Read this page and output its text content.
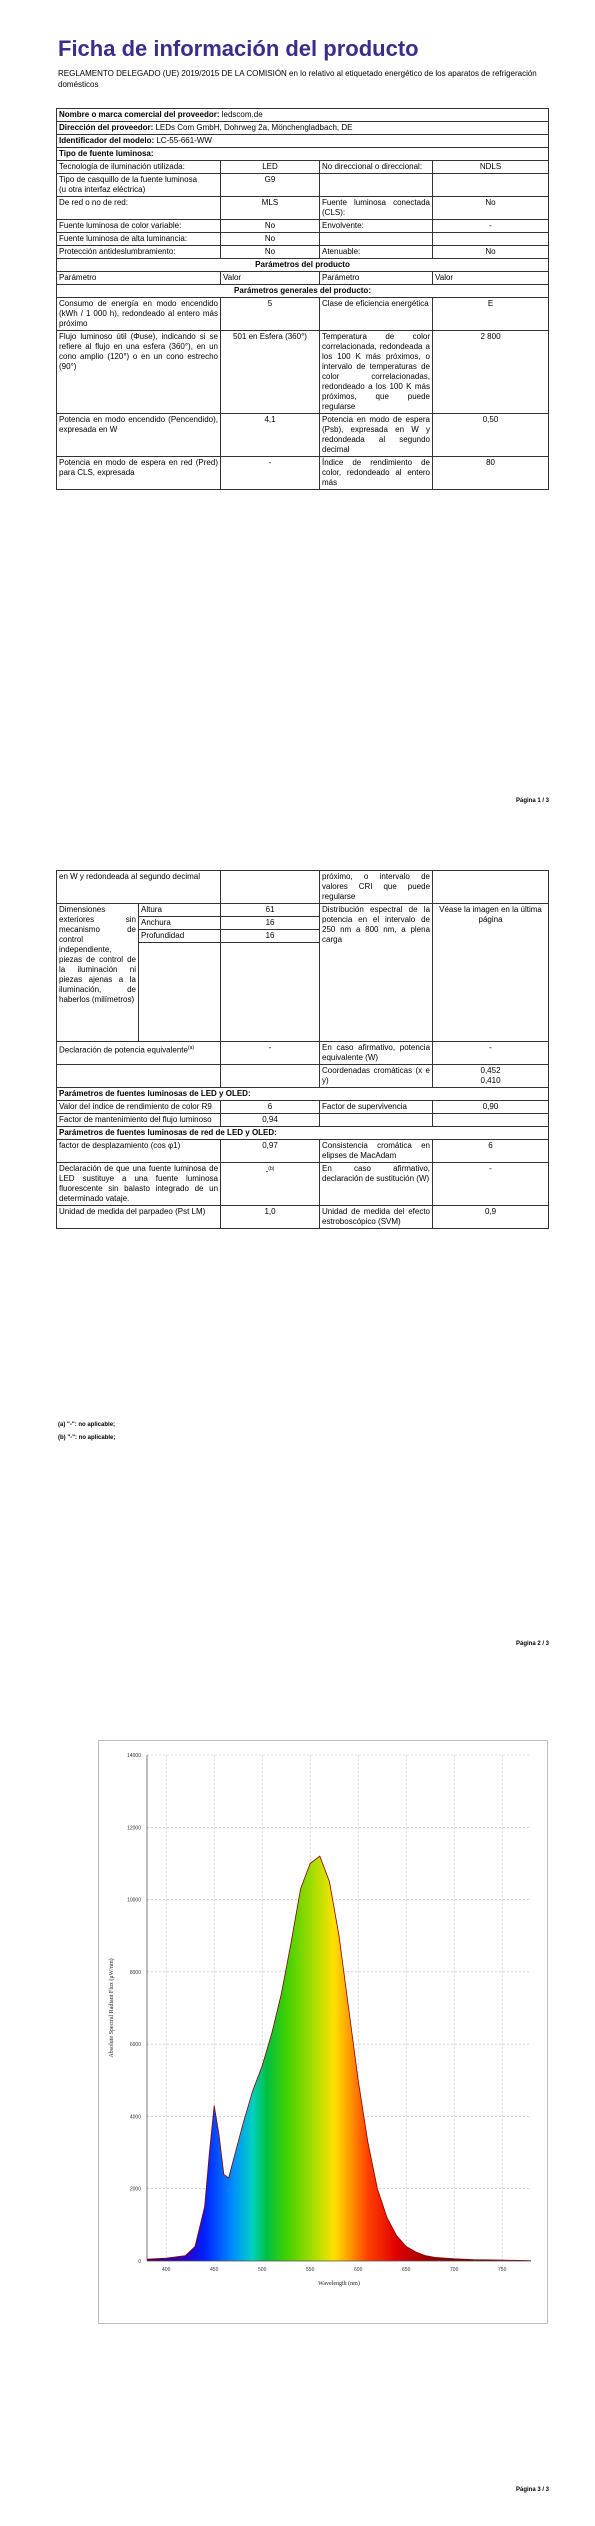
Ficha de información del producto
REGLAMENTO DELEGADO (UE) 2019/2015 DE LA COMISIÓN en lo relativo al etiquetado energético de los aparatos de refrigeración domésticos
Nombre o marca comercial del proveedor: ledscom.de			
Dirección del proveedor: LEDs Com GmbH, Dohrweg 2a, Mönchengladbach, DE			
Identificador del modelo: LC-55-661-WW			
Tipo de fuente luminosa:			
Tecnología de iluminación utilizada:	LED	No direccional o direccional:	NDLS
Tipo de casquillo de la fuente luminosa
(u otra interfaz eléctrica)	G9		
De red o no de red:	MLS	Fuente luminosa conectada (CLS):	No
Fuente luminosa de color variable:	No	Envolvente:	-
Fuente luminosa de alta luminancia:	No		
Protección antideslumbramiento:	No	Atenuable:	No
Parámetros del producto			
Parámetro	Valor	Parámetro	Valor
Parámetros generales del producto:			
Consumo de energía en modo encendido (kWh / 1 000 h), redondeado al entero más próximo	5	Clase de eficiencia energética	E
Flujo luminoso útil (Φuse), indicando si se refiere al flujo en una esfera (360°), en un cono amplio (120°) o en un cono estrecho (90°)	501 en Esfera (360°)	Temperatura de color correlacionada, redondeada a los 100 K más próximos, o intervalo de temperaturas de color correlacionadas, redondeado a los 100 K más próximos, que puede regularse	2 800
Potencia en modo encendido (Pencendido), expresada en W	4,1	Potencia en modo de espera (Psb), expresada en W y redondeada al segundo decimal	0,50
Potencia en modo de espera en red (Pred) para CLS, expresada	-	Índice de rendimiento de color, redondeado al entero más	80
Página 1 / 3
en W y redondeada al segundo decimal			próximo, o intervalo de valores CRI que puede regularse	
Dimensiones exteriores sin mecanismo de control independiente, piezas de control de la iluminación ni piezas ajenas a la iluminación, de haberlos (milímetros)	Altura	61	Distribución espectral de la potencia en el intervalo de 250 nm a 800 nm, a plena carga	Véase la imagen en la última página
	Anchura	16		
	Profundidad	16		

Declaración de potencia equivalente$^{(a)}$		-	En caso afirmativo, potencia equivalente (W)	-
			Coordenadas cromáticas (x e y)	0,452
0,410

Parámetros de fuentes luminosas de LED y OLED:				
Valor del índice de rendimiento de color R9		6	Factor de supervivencia	0,90
Factor de mantenimiento del flujo luminoso		0,94		
Parámetros de fuentes luminosas de red de LED y OLED:				
factor de desplazamiento (cos φ1)		0,97	Consistencia cromática en elipses de MacAdam	6
Declaración de que una fuente luminosa de LED sustituye a una fuente luminosa fluorescente sin balasto integrado de un determinado vataje.		-$^{(b)}$	En caso afirmativo, declaración de sustitución (W)	-
Unidad de medida del parpadeo (Pst LM)		1,0	Unidad de medida del efecto estroboscópico (SVM)	0,9
(a) "-": no aplicable;
(b) "-": no aplicable;
Página 2 / 3
0
2000
4000
6000
8000
10000
12000
14000
400	450	500	550	600	650	700	750
Wavelength (nm)
Absolute Spectral Radiant Flux (μW/nm)
Página 3 / 3
